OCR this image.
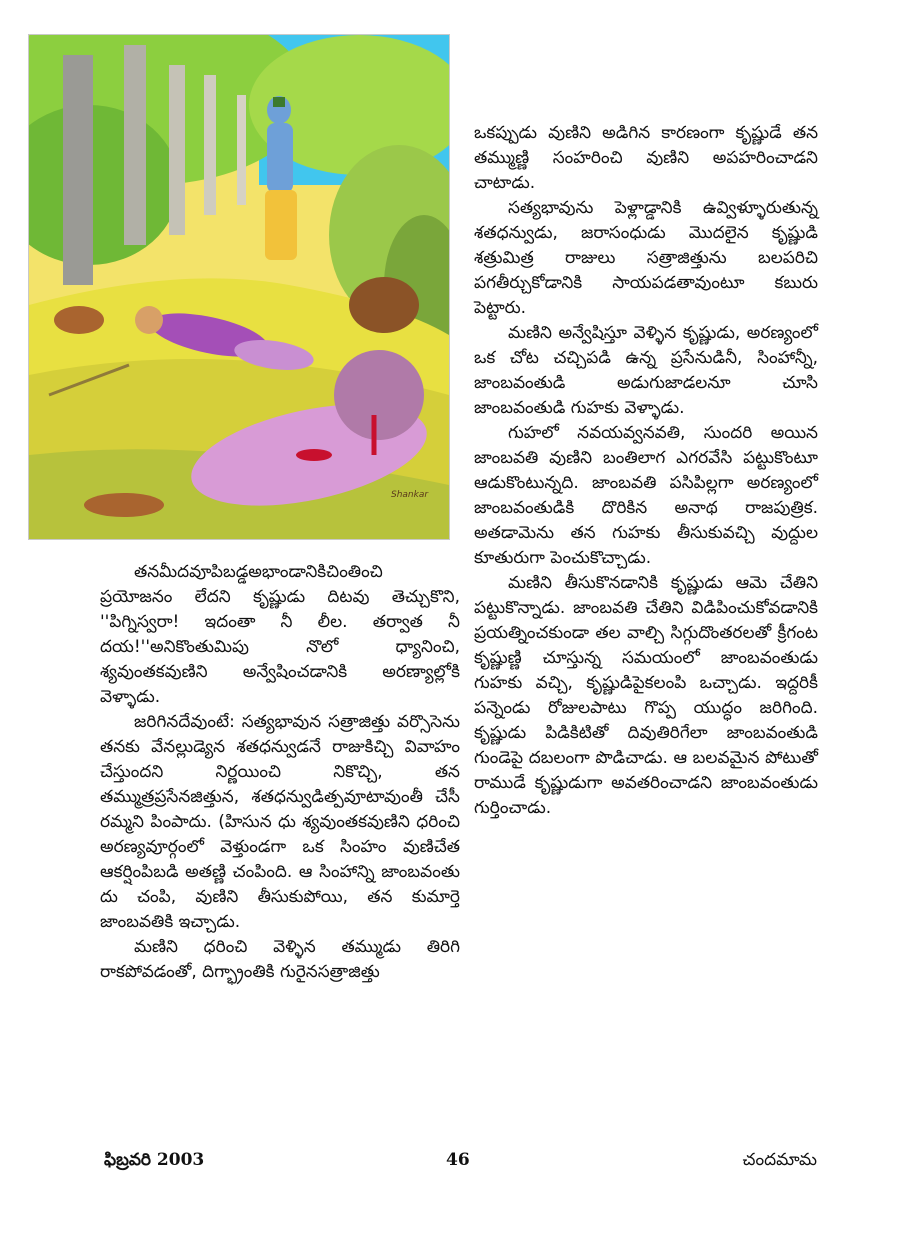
Shankar

తనమీదవూపిబడ్డఅభాండానికిచింతించి ప్రయోజనం లేదని కృష్ణుడు దిటవు తెచ్చుకొని, ''పిగ్నిస్వరా! ఇదంతా నీ లీల. తర్వాత నీ దయ!''అనికొంతుమిపు నొలో ధ్యానించి, శ్యవుంతకవుణిని అన్వేషించడానికి అరణ్యాల్లోకి వెళ్ళాడు.

జరిగినదేవుంటే: సత్యభావున సత్రాజిత్తు వర్సొసెను తనకు వేనల్లుడ్యెన శతధన్వుడనే రాజుకిచ్చి వివాహం చేస్తుందని నిర్ణయించి నికొచ్చి, తన తమ్ముత్రప్రసేనజిత్తున, శతధన్వుడిత్పవూటావుంతీ చేసీ రమ్మని పింపాదు. (హిసున ధు శ్యవుంతకవుణిని ధరించి అరణ్యవూర్గంలో వెళ్తుండగా ఒక సింహం వుణిచేత ఆకర్షింపిబడి అతణ్ణి చంపింది. ఆ సింహాన్ని జాంబవంతు దు చంపి, వుణిని తీసుకుపోయి, తన కుమార్తె జాంబవతికి ఇచ్చాడు.

మణిని ధరించి వెళ్ళిన తమ్ముడు తిరిగి రాకపోవడంతో, దిగ్భ్రాంతికి గురైనసత్రాజిత్తు

ఒకప్పుడు వుణిని అడిగిన కారణంగా కృష్ణుడే తన తమ్ముణ్ణి సంహరించి వుణిని అపహరించాడని చాటాడు.

సత్యభావును పెళ్లాడ్డానికి ఉవ్విళ్ళూరుతున్న శతధన్వుడు, జరాసంధుడు మొదలైన కృష్ణుడి శత్రుమిత్ర రాజులు సత్రాజిత్తును బలపరిచి పగతీర్చుకోడానికి సాయపడతావుంటూ కబురు పెట్టారు.

మణిని అన్వేషిస్తూ వెళ్ళిన కృష్ణుడు, అరణ్యంలో ఒక చోట చచ్చిపడి ఉన్న ప్రసేనుడినీ, సింహాన్నీ, జాంబవంతుడి అడుగుజాడలనూ చూసి జాంబవంతుడి గుహకు వెళ్ళాడు.

గుహలో నవయవ్వనవతి, సుందరి అయిన జాంబవతి వుణిని బంతిలాగ ఎగరవేసి పట్టుకొంటూ ఆడుకొంటున్నది. జాంబవతి పసిపిల్లగా అరణ్యంలో జాంబవంతుడికి దొరికిన అనాథ రాజపుత్రిక. అతడామెను తన గుహకు తీసుకువచ్చి వుద్దుల కూతురుగా పెంచుకొచ్చాడు.

మణిని తీసుకొనడానికి కృష్ణుడు ఆమె చేతిని పట్టుకొన్నాడు. జాంబవతి చేతిని విడిపించుకోవడానికి ప్రయత్నించకుండా తల వాల్చి సిగ్గుదొంతరలతో క్రీగంట కృష్ణుణ్ణి చూస్తున్న సమయంలో జాంబవంతుడు గుహకు వచ్చి, కృష్ణుడిపైకలంపి ఒచ్చాడు. ఇద్దరికీ పన్నెండు రోజులపాటు గొప్ప యుద్ధం జరిగింది. కృష్ణుడు పిడికిటితో దివుతిరిగేలా జాంబవంతుడి గుండెపై దబలంగా పొడిచాడు. ఆ బలవమైన పోటుతో రాముడే కృష్ణుడుగా అవతరించాడని జాంబవంతుడు గుర్తించాడు.

ఫిబ్రవరి 2003	46	చందమామ
